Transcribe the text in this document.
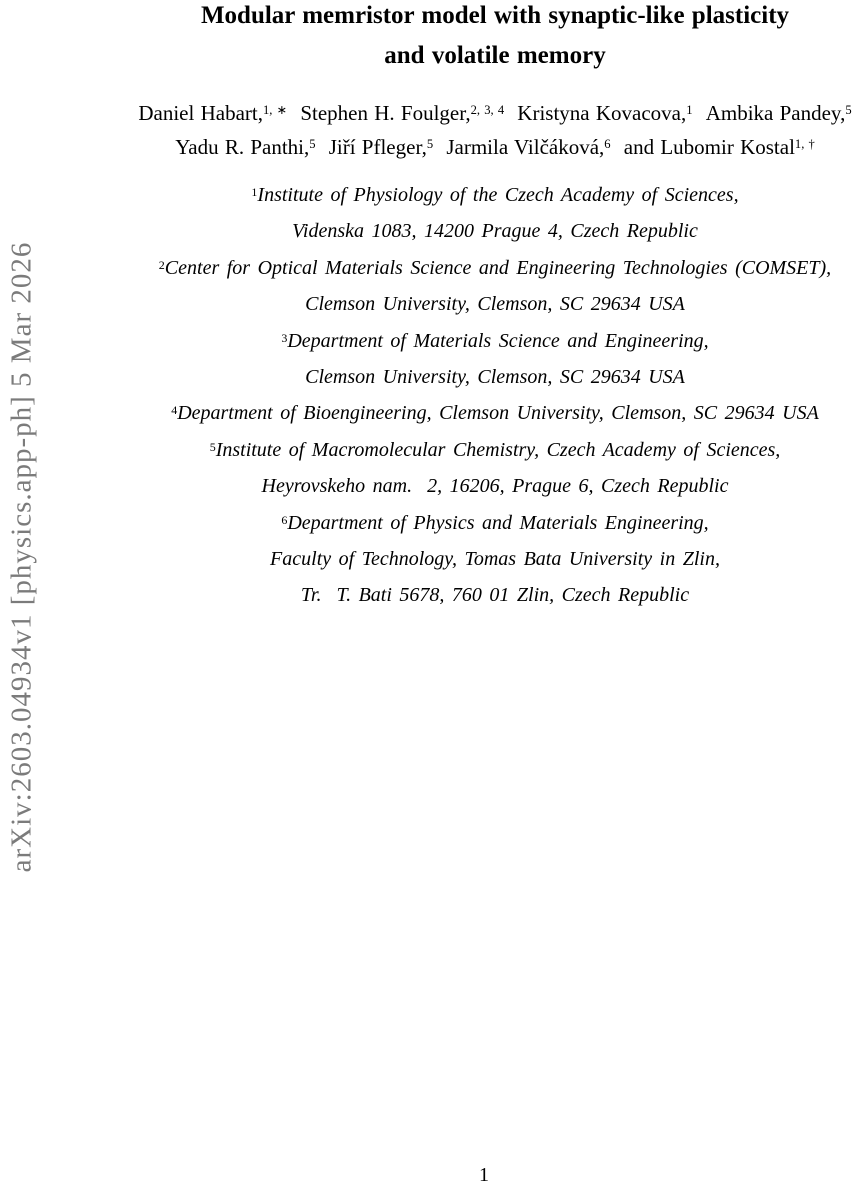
arXiv:2603.04934v1 [physics.app-ph] 5 Mar 2026
Modular memristor model with synaptic-like plasticity
and volatile memory
Daniel Habart,$^{1, ∗}$ Stephen H. Foulger,$^{2, 3, 4}$ Kristyna Kovacova,$^1$ Ambika Pandey,$^5$
Yadu R. Panthi,$^5$ Jiří Pfleger,$^5$ Jarmila Vilčáková,$^6$ and Lubomir Kostal$^{1, \dagger}$
$^1$Institute of Physiology of the Czech Academy of Sciences,
Videnska 1083, 14200 Prague 4, Czech Republic
$^2$Center for Optical Materials Science and Engineering Technologies (COMSET),
Clemson University, Clemson, SC 29634 USA
$^3$Department of Materials Science and Engineering,
Clemson University, Clemson, SC 29634 USA
$^4$Department of Bioengineering, Clemson University, Clemson, SC 29634 USA
$^5$Institute of Macromolecular Chemistry, Czech Academy of Sciences,
Heyrovskeho nam.  2, 16206, Prague 6, Czech Republic
$^6$Department of Physics and Materials Engineering,
Faculty of Technology, Tomas Bata University in Zlin,
Tr.  T. Bati 5678, 760 01 Zlin, Czech Republic
1
